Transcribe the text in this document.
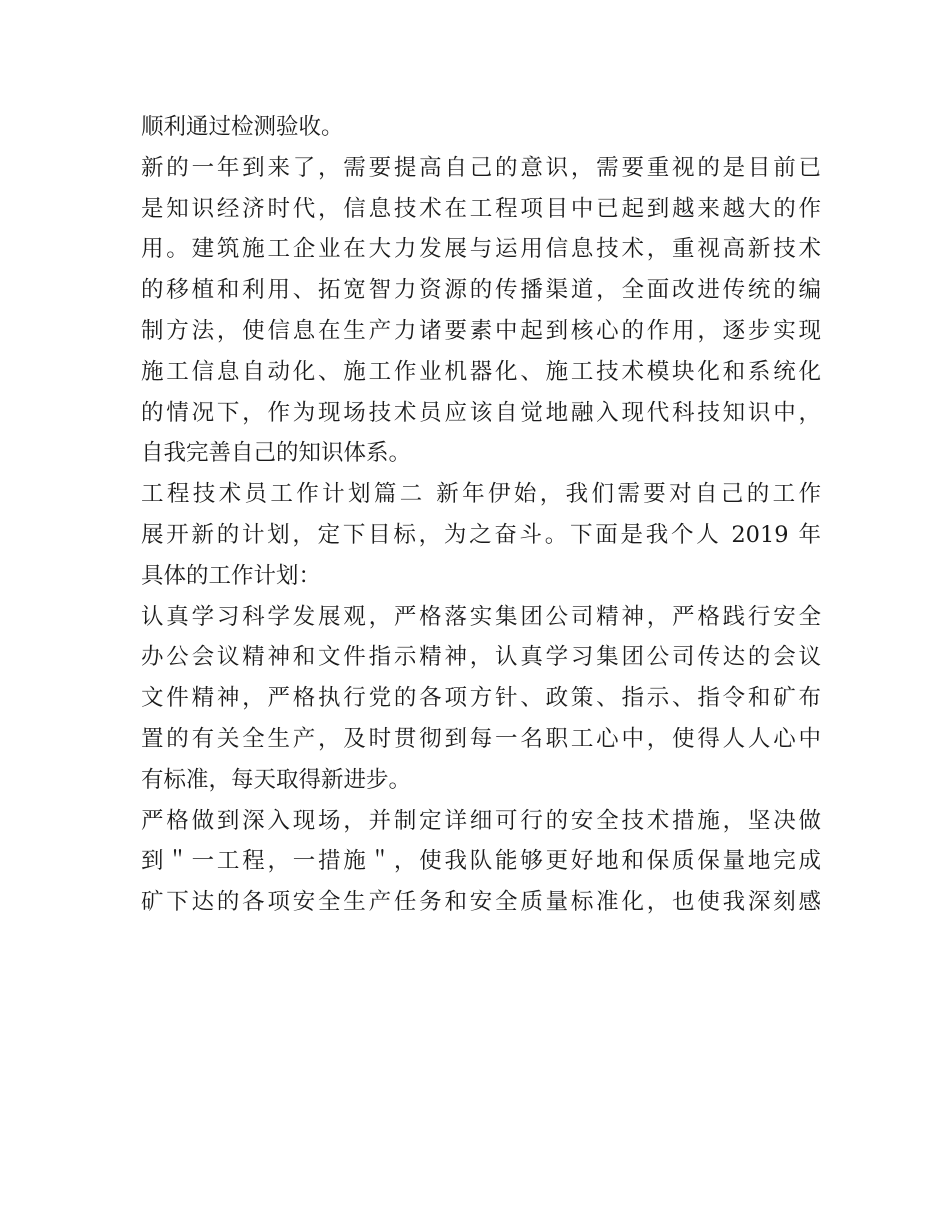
顺利通过检测验收。
新的一年到来了，需要提高自己的意识，需要重视的是目前已
是知识经济时代，信息技术在工程项目中已起到越来越大的作
用。建筑施工企业在大力发展与运用信息技术，重视高新技术
的移植和利用、拓宽智力资源的传播渠道，全面改进传统的编
制方法，使信息在生产力诸要素中起到核心的作用，逐步实现
施工信息自动化、施工作业机器化、施工技术模块化和系统化
的情况下，作为现场技术员应该自觉地融入现代科技知识中，
自我完善自己的知识体系。
工程技术员工作计划篇二 新年伊始，我们需要对自己的工作
展开新的计划，定下目标，为之奋斗。下面是我个人 2019 年
具体的工作计划：
认真学习科学发展观，严格落实集团公司精神，严格践行安全
办公会议精神和文件指示精神，认真学习集团公司传达的会议
文件精神，严格执行党的各项方针、政策、指示、指令和矿布
置的有关全生产，及时贯彻到每一名职工心中，使得人人心中
有标准，每天取得新进步。
严格做到深入现场，并制定详细可行的安全技术措施，坚决做
到＂一工程，一措施＂，使我队能够更好地和保质保量地完成
矿下达的各项安全生产任务和安全质量标准化，也使我深刻感
